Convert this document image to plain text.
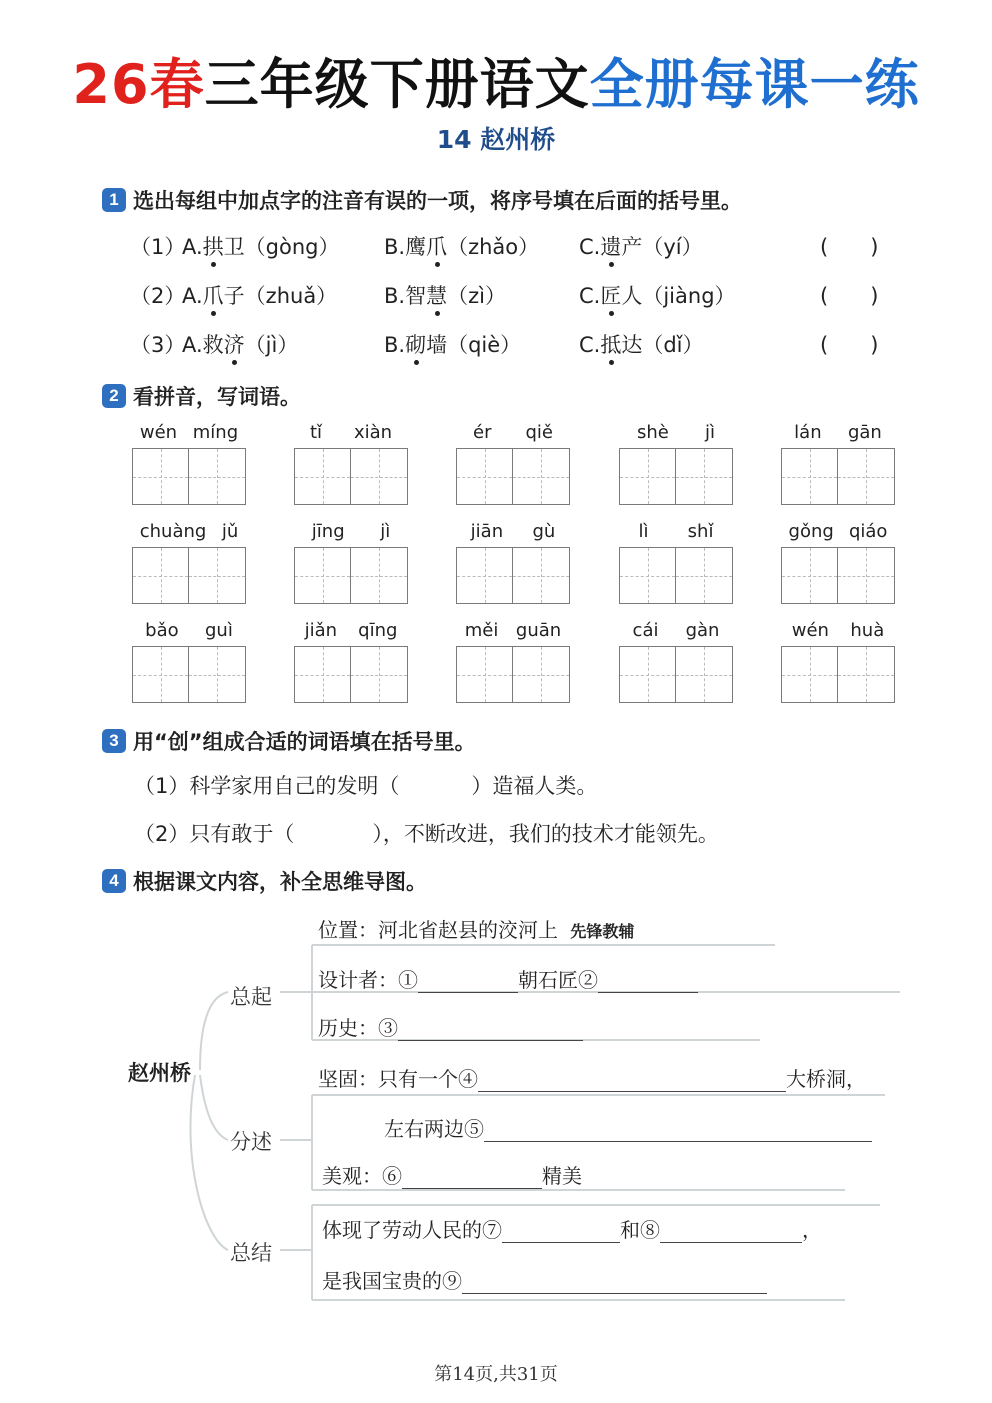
26春三年级下册语文全册每课一练
14 赵州桥
1 选出每组中加点字的注音有误的一项，将序号填在后面的括号里。
（1）
A.拱卫（gòng） B.鹰爪（zhǎo） C.遗产（yí）	(　　)
（2）
A.爪子（zhuǎ） B.智慧（zì）	C.匠人（jiàng）	(　　)
（3）
A.救济（jì）	B.砌墙（qiè）	C.抵达（dǐ）	(　　)
2 看拼音，写词语。
wén míng	tǐ xiàn	ér qiě	shè jì	lán gān
chuàng jǔ	jīng jì	jiān gù	lì shǐ	gǒng qiáo
bǎo guì	jiǎn qīng	měi guān	cái gàn	wén huà
3 用“创”组成合适的词语填在括号里。
（1）科学家用自己的发明（	）造福人类。
（2）只有敢于（	），不断改进，我们的技术才能领先。
4 根据课文内容，补全思维导图。
赵州桥
总起
分述
总结
位置：河北省赵县的洨河上 先锋教辅
设计者：①	朝石匠②
历史：③
坚固：只有一个④	大桥洞，
左右两边⑤
美观：⑥	精美
体现了劳动人民的⑦	和⑧	，
是我国宝贵的⑨
第14页,共31页
